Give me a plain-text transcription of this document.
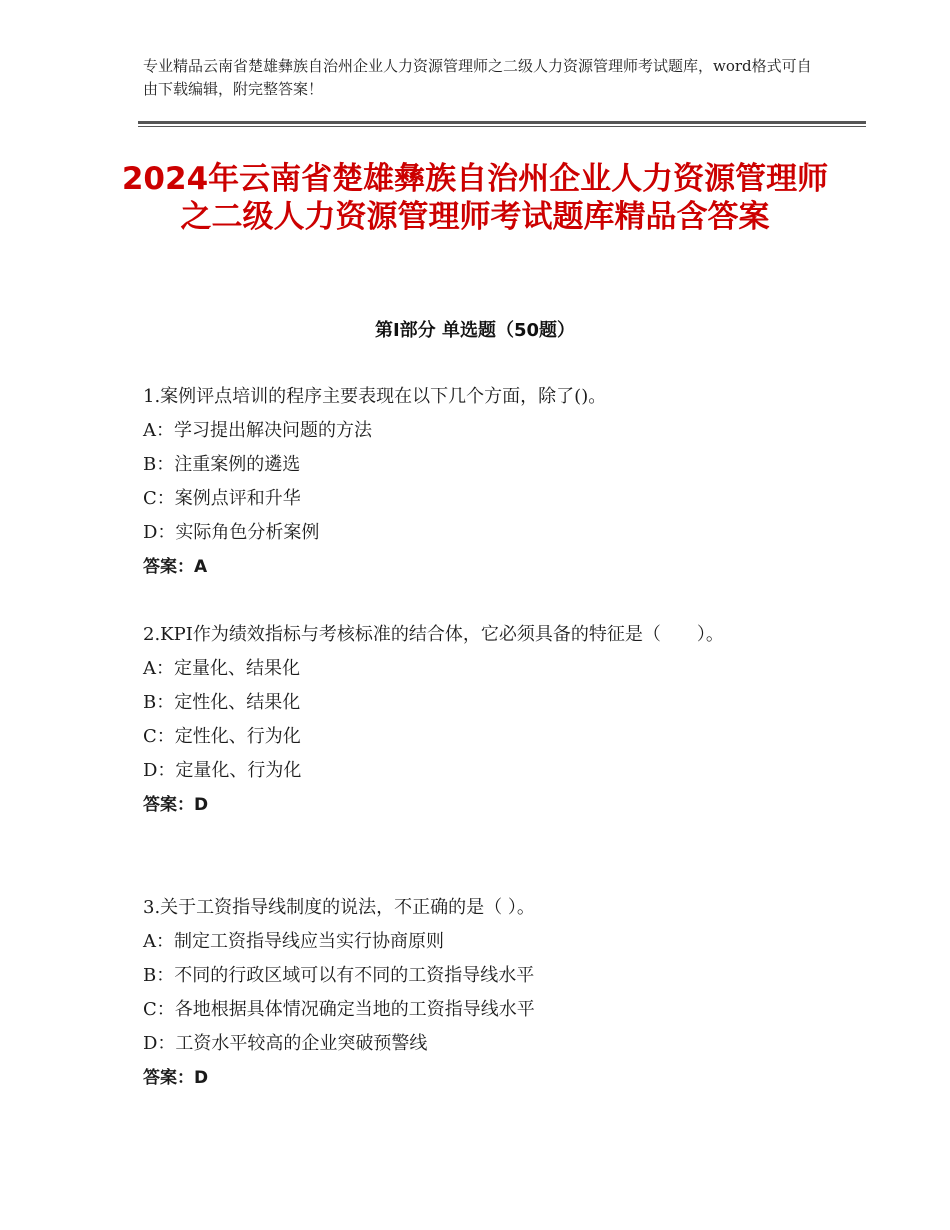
专业精品云南省楚雄彝族自治州企业人力资源管理师之二级人力资源管理师考试题库，word格式可自由下载编辑，附完整答案！
2024年云南省楚雄彝族自治州企业人力资源管理师之二级人力资源管理师考试题库精品含答案
第Ⅰ部分 单选题（50题）

1.案例评点培训的程序主要表现在以下几个方面，除了()。

A：学习提出解决问题的方法

B：注重案例的遴选

C：案例点评和升华

D：实际角色分析案例

答案：A

2.KPI作为绩效指标与考核标准的结合体，它必须具备的特征是（　　）。

A：定量化、结果化

B：定性化、结果化

C：定性化、行为化

D：定量化、行为化

答案：D

3.关于工资指导线制度的说法，不正确的是（ ）。

A：制定工资指导线应当实行协商原则

B：不同的行政区域可以有不同的工资指导线水平

C：各地根据具体情况确定当地的工资指导线水平

D：工资水平较高的企业突破预警线

答案：D
